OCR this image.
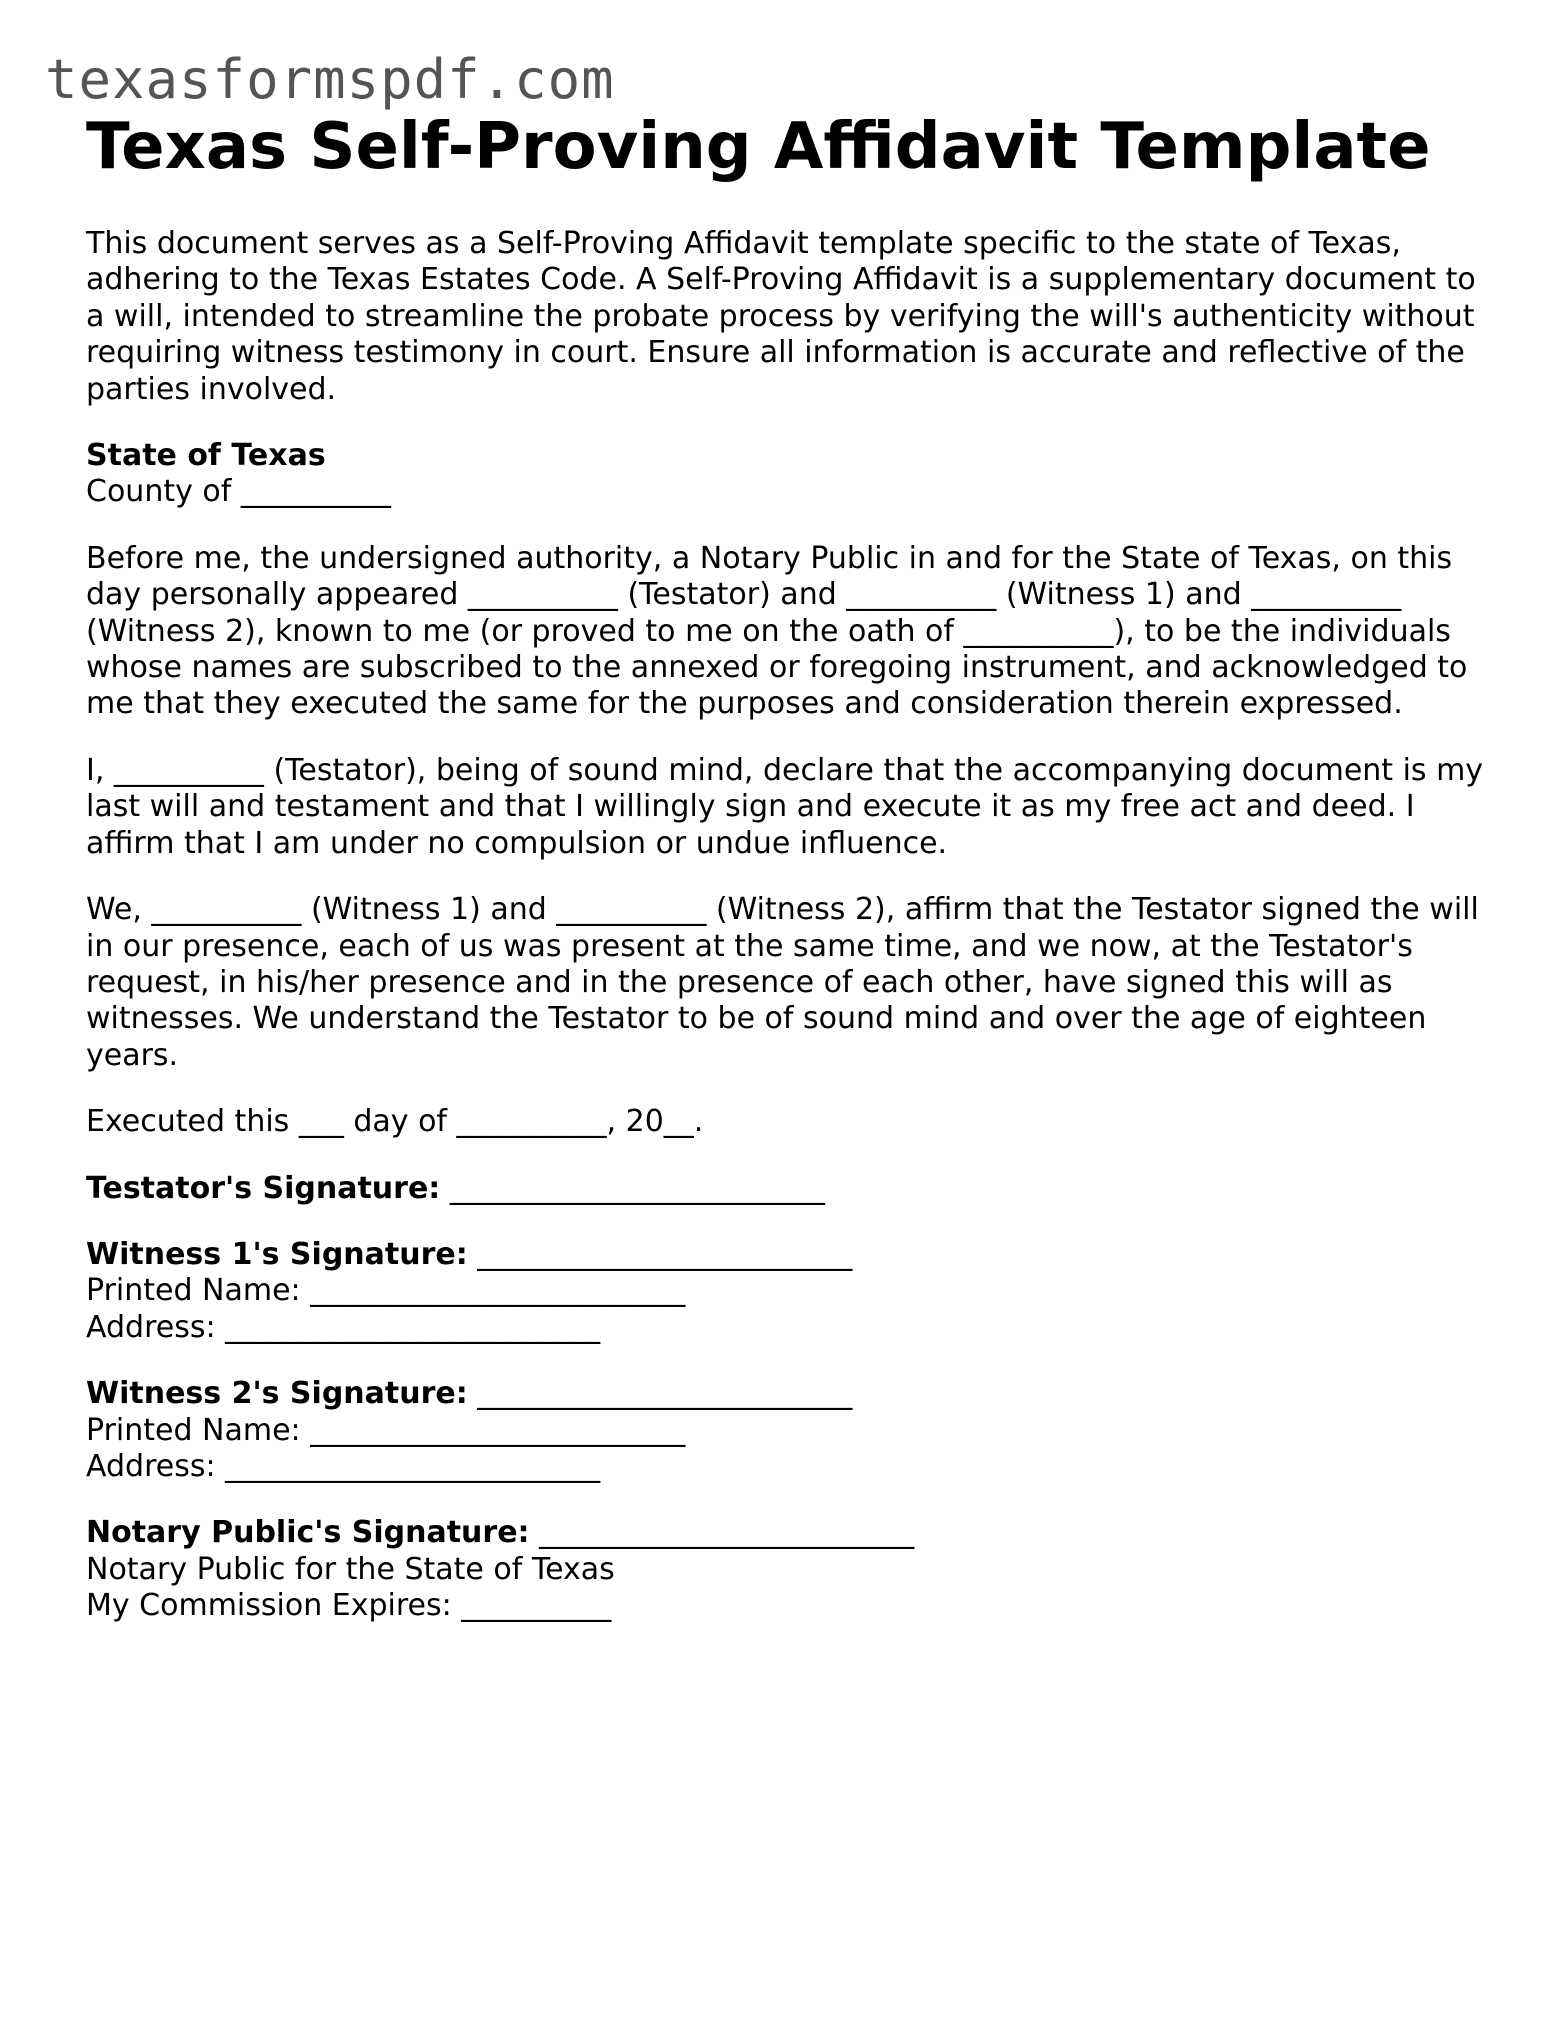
texasformspdf.com
Texas Self-Proving Affidavit Template

This document serves as a Self-Proving Affidavit template specific to the state of Texas, adhering to the Texas Estates Code. A Self-Proving Affidavit is a supplementary document to a will, intended to streamline the probate process by verifying the will's authenticity without requiring witness testimony in court. Ensure all information is accurate and reflective of the parties involved.

State of Texas
County of __________

Before me, the undersigned authority, a Notary Public in and for the State of Texas, on this day personally appeared __________ (Testator) and __________ (Witness 1) and __________ (Witness 2), known to me (or proved to me on the oath of __________), to be the individuals whose names are subscribed to the annexed or foregoing instrument, and acknowledged to me that they executed the same for the purposes and consideration therein expressed.

I, __________ (Testator), being of sound mind, declare that the accompanying document is my last will and testament and that I willingly sign and execute it as my free act and deed. I affirm that I am under no compulsion or undue influence.

We, __________ (Witness 1) and __________ (Witness 2), affirm that the Testator signed the will in our presence, each of us was present at the same time, and we now, at the Testator's request, in his/her presence and in the presence of each other, have signed this will as witnesses. We understand the Testator to be of sound mind and over the age of eighteen years.

Executed this ___ day of __________, 20__.

Testator's Signature: _________________________
Witness 1's Signature: _________________________
Printed Name: _________________________
Address: _________________________
Witness 2's Signature: _________________________
Printed Name: _________________________
Address: _________________________
Notary Public's Signature: _________________________
Notary Public for the State of Texas
My Commission Expires: __________
